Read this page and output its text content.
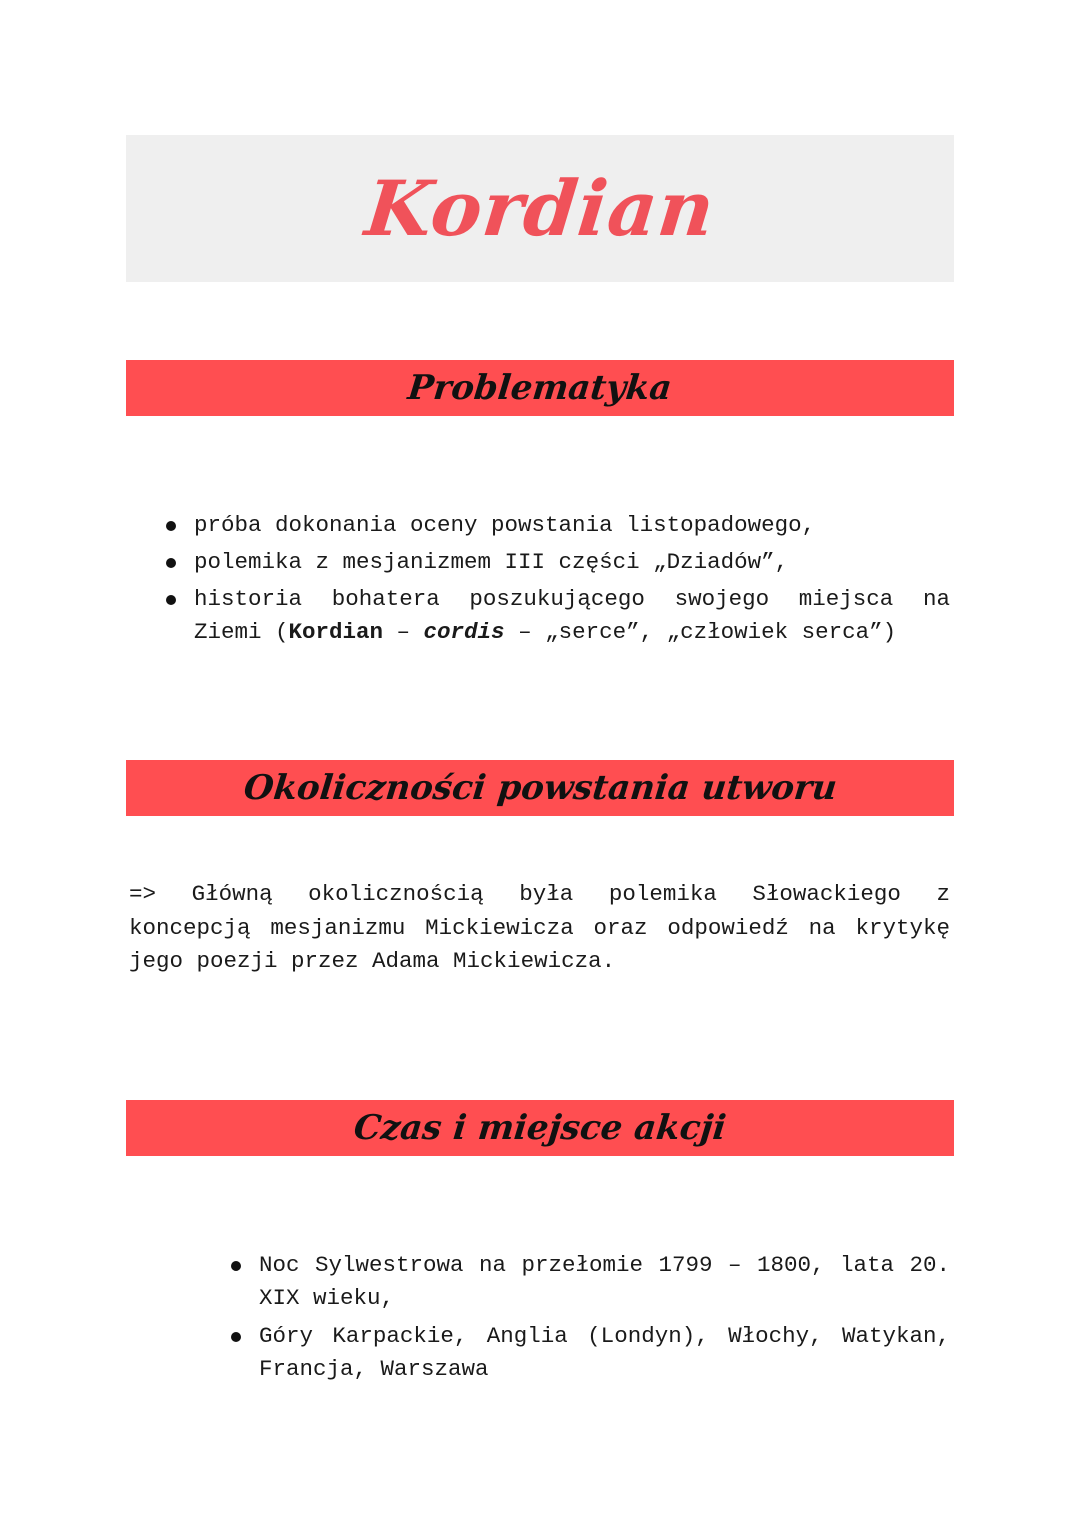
Kordian
Problematyka
próba dokonania oceny powstania listopadowego,
polemika z mesjanizmem III części „Dziadów”,
historia bohatera poszukującego swojego miejsca na Ziemi (Kordian – cordis – „serce”, „człowiek serca”)
Okoliczności powstania utworu

=> Główną okolicznością była polemika Słowackiego z koncepcją mesjanizmu Mickiewicza oraz odpowiedź na krytykę jego poezji przez Adama Mickiewicza.

Czas i miejsce akcji
Noc Sylwestrowa na przełomie 1799 – 1800, lata 20. XIX wieku,
Góry Karpackie, Anglia (Londyn), Włochy, Watykan, Francja, Warszawa
